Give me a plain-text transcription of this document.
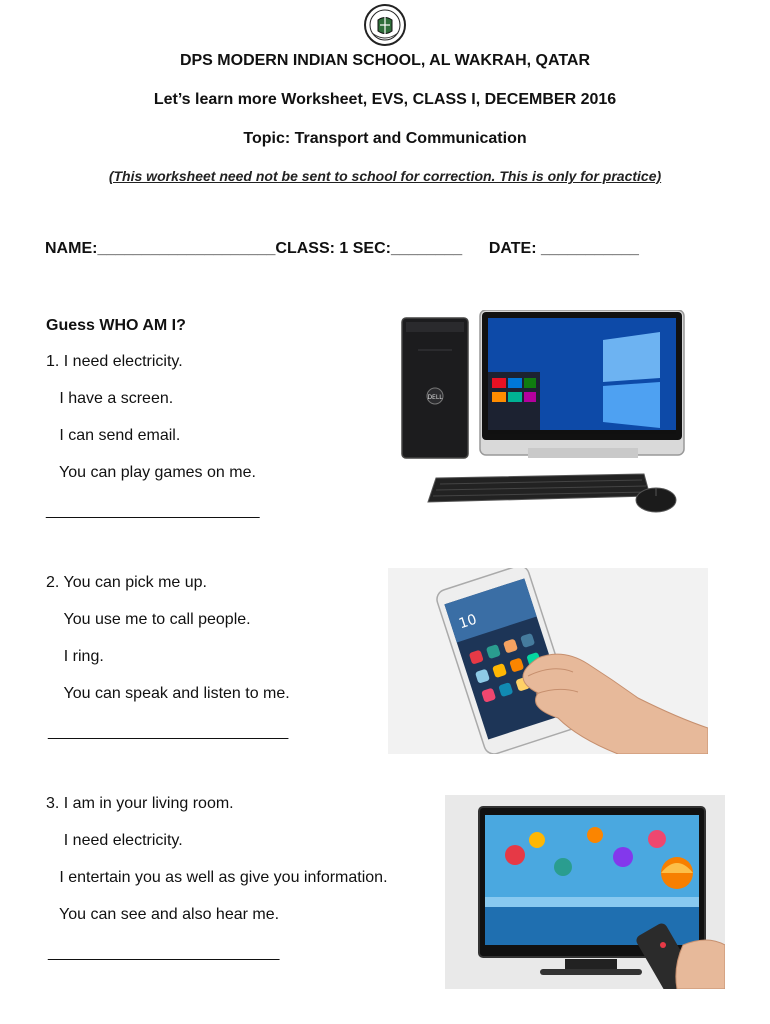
DPS MODERN INDIAN SCHOOL, AL WAKRAH, QATAR
Let’s learn more Worksheet, EVS, CLASS I, DECEMBER 2016
Topic: Transport and Communication
(This worksheet need not be sent to school for correction. This is only for practice)
NAME:____________________CLASS: 1 SEC:________ DATE: ___________
Guess WHO AM I?
1. I need electricity.
I have a screen.
I can send email.
You can play games on me.
________________________
DELL
2. You can pick me up.
You use me to call people.
I ring.
You can speak and listen to me.
___________________________
10
3. I am in your living room.
I need electricity.
I entertain you as well as give you information.
You can see and also hear me.
__________________________
